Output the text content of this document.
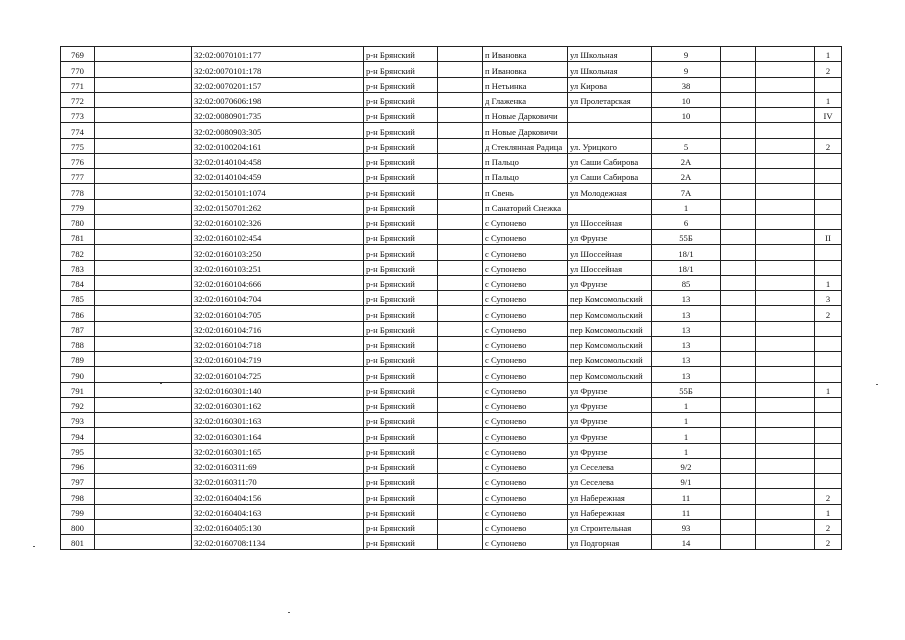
769		32:02:0070101:177	р-н Брянский		п Ивановка	ул Школьная	9			1
770		32:02:0070101:178	р-н Брянский		п Ивановка	ул Школьная	9			2
771		32:02:0070201:157	р-н Брянский		п Нетьинка	ул Кирова	38			
772		32:02:0070606:198	р-н Брянский		д Глаженка	ул Пролетарская	10			1
773		32:02:0080901:735	р-н Брянский		п Новые Дарковичи		10			IV
774		32:02:0080903:305	р-н Брянский		п Новые Дарковичи					
775		32:02:0100204:161	р-н Брянский		д Стеклянная Радица	ул. Урицкого	5			2
776		32:02:0140104:458	р-н Брянский		п Пальцо	ул Саши Сабирова	2А			
777		32:02:0140104:459	р-н Брянский		п Пальцо	ул Саши Сабирова	2А			
778		32:02:0150101:1074	р-н Брянский		п Свень	ул Молодежная	7А			
779		32:02:0150701:262	р-н Брянский		п Санаторий Снежка		1			
780		32:02:0160102:326	р-н Брянский		с Супонево	ул Шоссейная	6			
781		32:02:0160102:454	р-н Брянский		с Супонево	ул Фрунзе	55Б			II
782		32:02:0160103:250	р-н Брянский		с Супонево	ул Шоссейная	18/1			
783		32:02:0160103:251	р-н Брянский		с Супонево	ул Шоссейная	18/1			
784		32:02:0160104:666	р-н Брянский		с Супонево	ул Фрунзе	85			1
785		32:02:0160104:704	р-н Брянский		с Супонево	пер Комсомольский	13			3
786		32:02:0160104:705	р-н Брянский		с Супонево	пер Комсомольский	13			2
787		32:02:0160104:716	р-н Брянский		с Супонево	пер Комсомольский	13			
788		32:02:0160104:718	р-н Брянский		с Супонево	пер Комсомольский	13			
789		32:02:0160104:719	р-н Брянский		с Супонево	пер Комсомольский	13			
790		32:02:0160104:725	р-н Брянский		с Супонево	пер Комсомольский	13			
791		32:02:0160301:140	р-н Брянский		с Супонево	ул Фрунзе	55Б			1
792		32:02:0160301:162	р-н Брянский		с Супонево	ул Фрунзе	1			
793		32:02:0160301:163	р-н Брянский		с Супонево	ул Фрунзе	1			
794		32:02:0160301:164	р-н Брянский		с Супонево	ул Фрунзе	1			
795		32:02:0160301:165	р-н Брянский		с Супонево	ул Фрунзе	1			
796		32:02:0160311:69	р-н Брянский		с Супонево	ул Сеселева	9/2			
797		32:02:0160311:70	р-н Брянский		с Супонево	ул Сеселева	9/1			
798		32:02:0160404:156	р-н Брянский		с Супонево	ул Набережная	11			2
799		32:02:0160404:163	р-н Брянский		с Супонево	ул Набережная	11			1
800		32:02:0160405:130	р-н Брянский		с Супонево	ул Строительная	93			2
801		32:02:0160708:1134	р-н Брянский		с Супонево	ул Подгорная	14			2
